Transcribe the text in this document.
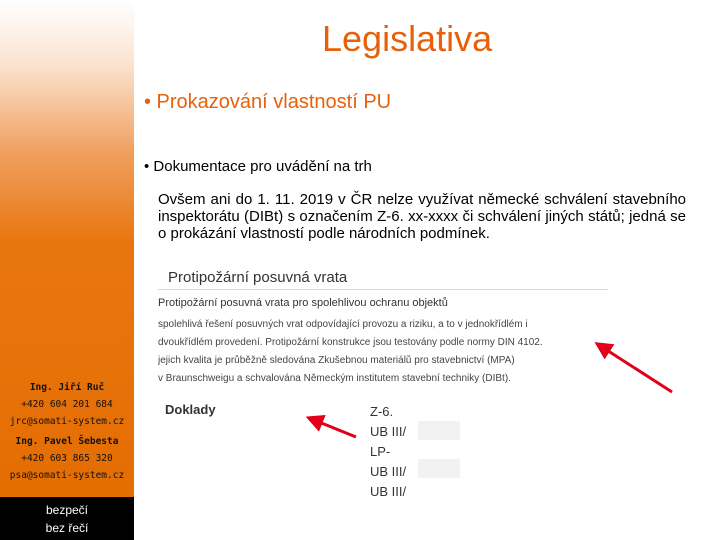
Ing. Jiří Ruč
+420 604 201 684
jrc@somati-system.cz
Ing. Pavel Šebesta
+420 603 865 320
psa@somati-system.cz
bezpečí
bez řečí
Legislativa
• Prokazování vlastností PU
• Dokumentace pro uvádění na trh
Ovšem ani do 1. 11. 2019 v ČR nelze využívat německé schválení stavebního inspektorátu (DIBt) s označením Z-6. xx-xxxx či schválení jiných států; jedná se o prokázání vlastností podle národních podmínek.
Protipožární posuvná vrata
Protipožární posuvná vrata pro spolehlivou ochranu objektů
spolehlivá řešení posuvných vrat odpovídající provozu a riziku, a to v jednokřídlém i
dvoukřídlém provedení. Protipožární konstrukce jsou testovány podle normy DIN 4102.
jejich kvalita je průběžně sledována Zkušebnou materiálů pro stavebnictví (MPA)
v Braunschweigu a schvalována Německým institutem stavební techniky (DIBt).
Doklady	Z-6.
UB III/
LP-
UB III/
UB III/
